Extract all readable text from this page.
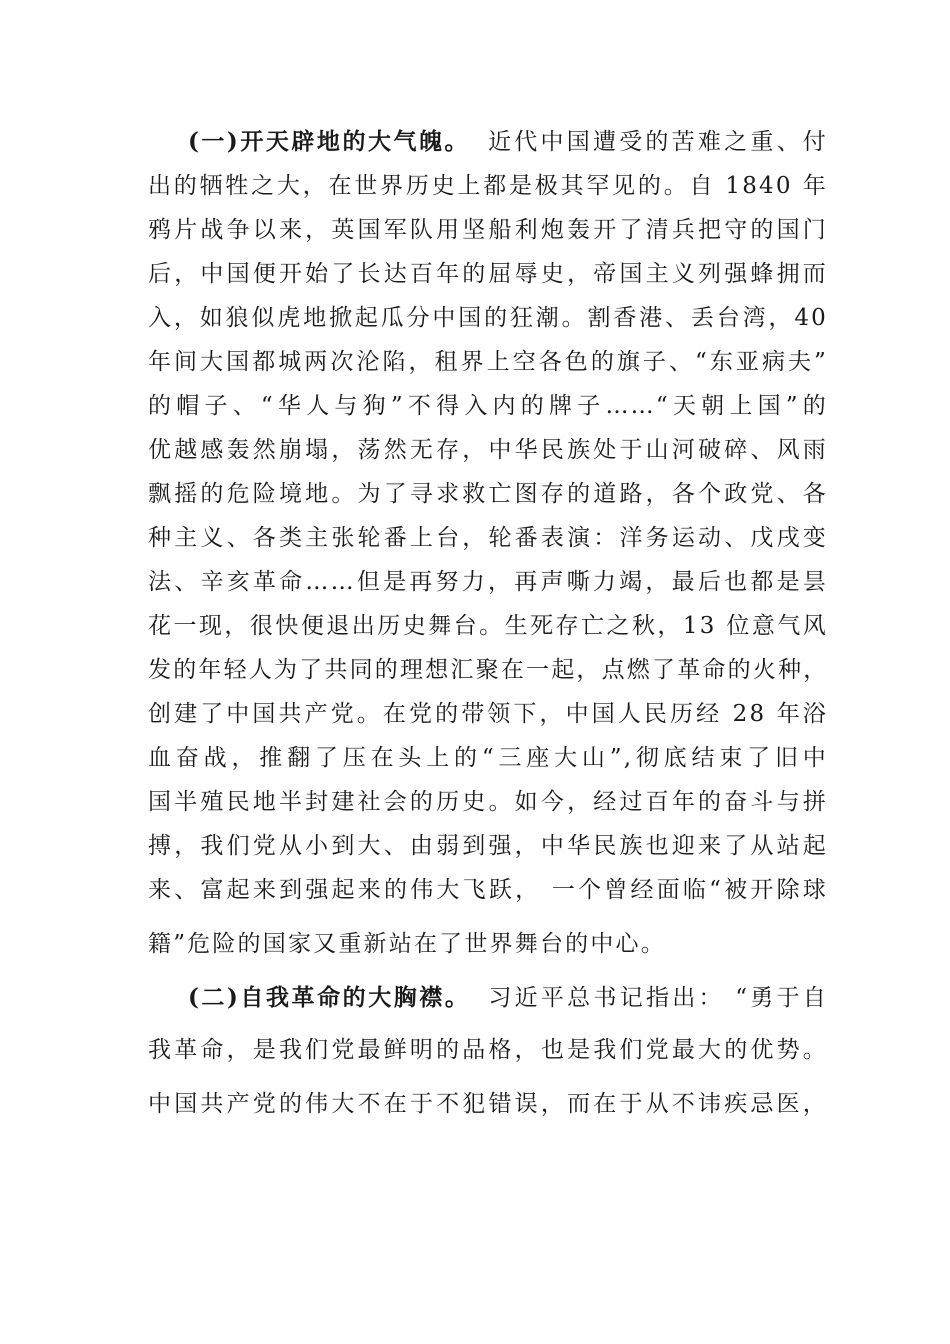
(一)开天辟地的大气魄。 近代中国遭受的苦难之重、付
出的牺牲之大，在世界历史上都是极其罕见的。自 1840 年
鸦片战争以来，英国军队用坚船利炮轰开了清兵把守的国门
后，中国便开始了长达百年的屈辱史，帝国主义列强蜂拥而
入，如狼似虎地掀起瓜分中国的狂潮。割香港、丢台湾，40
年间大国都城两次沦陷，租界上空各色的旗子、“东亚病夫”
的帽子、“华人与狗”不得入内的牌子……“天朝上国”的
优越感轰然崩塌，荡然无存，中华民族处于山河破碎、风雨
飘摇的危险境地。为了寻求救亡图存的道路，各个政党、各
种主义、各类主张轮番上台，轮番表演：洋务运动、戊戌变
法、辛亥革命……但是再努力，再声嘶力竭，最后也都是昙
花一现，很快便退出历史舞台。生死存亡之秋，13 位意气风
发的年轻人为了共同的理想汇聚在一起，点燃了革命的火种，
创建了中国共产党。在党的带领下，中国人民历经 28 年浴
血奋战，推翻了压在头上的“三座大山”,彻底结束了旧中
国半殖民地半封建社会的历史。如今，经过百年的奋斗与拼
搏，我们党从小到大、由弱到强，中华民族也迎来了从站起
来、富起来到强起来的伟大飞跃， 一个曾经面临“被开除球
籍”危险的国家又重新站在了世界舞台的中心。
(二)自我革命的大胸襟。 习近平总书记指出： “勇于自
我革命，是我们党最鲜明的品格，也是我们党最大的优势。
中国共产党的伟大不在于不犯错误，而在于从不讳疾忌医，
